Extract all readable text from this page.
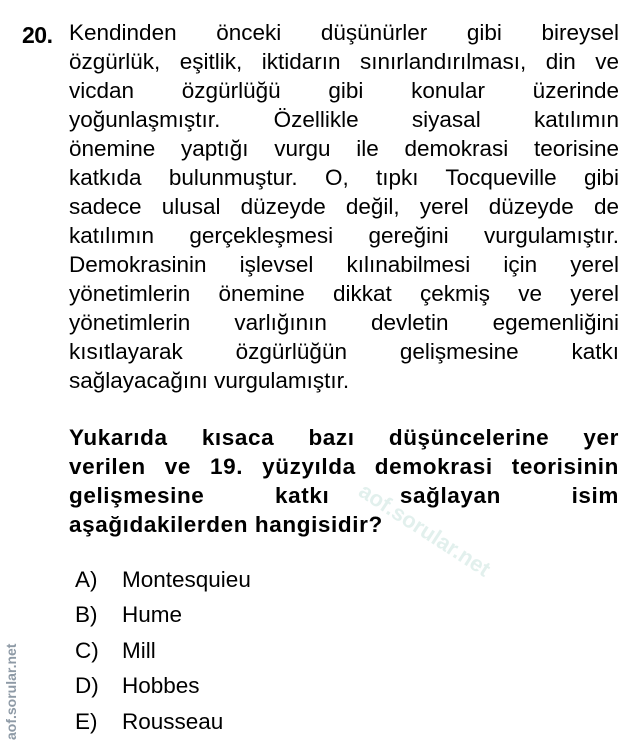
20. Kendinden önceki düşünürler gibi bireysel
özgürlük, eşitlik, iktidarın sınırlandırılması, din ve
vicdan özgürlüğü gibi konular üzerinde
yoğunlaşmıştır. Özellikle siyasal katılımın
önemine yaptığı vurgu ile demokrasi teorisine
katkıda bulunmuştur. O, tıpkı Tocqueville gibi
sadece ulusal düzeyde değil, yerel düzeyde de
katılımın gerçekleşmesi gereğini vurgulamıştır.
Demokrasinin işlevsel kılınabilmesi için yerel
yönetimlerin önemine dikkat çekmiş ve yerel
yönetimlerin varlığının devletin egemenliğini
kısıtlayarak özgürlüğün gelişmesine katkı
sağlayacağını vurgulamıştır.
Yukarıda kısaca bazı düşüncelerine yer
verilen ve 19. yüzyılda demokrasi teorisinin
gelişmesine katkı sağlayan isim
aşağıdakilerden hangisidir?
A)	Montesquieu
B)	Hume
C)	Mill
D)	Hobbes
E)	Rousseau
aof.sorular.net
aof.sorular.net
